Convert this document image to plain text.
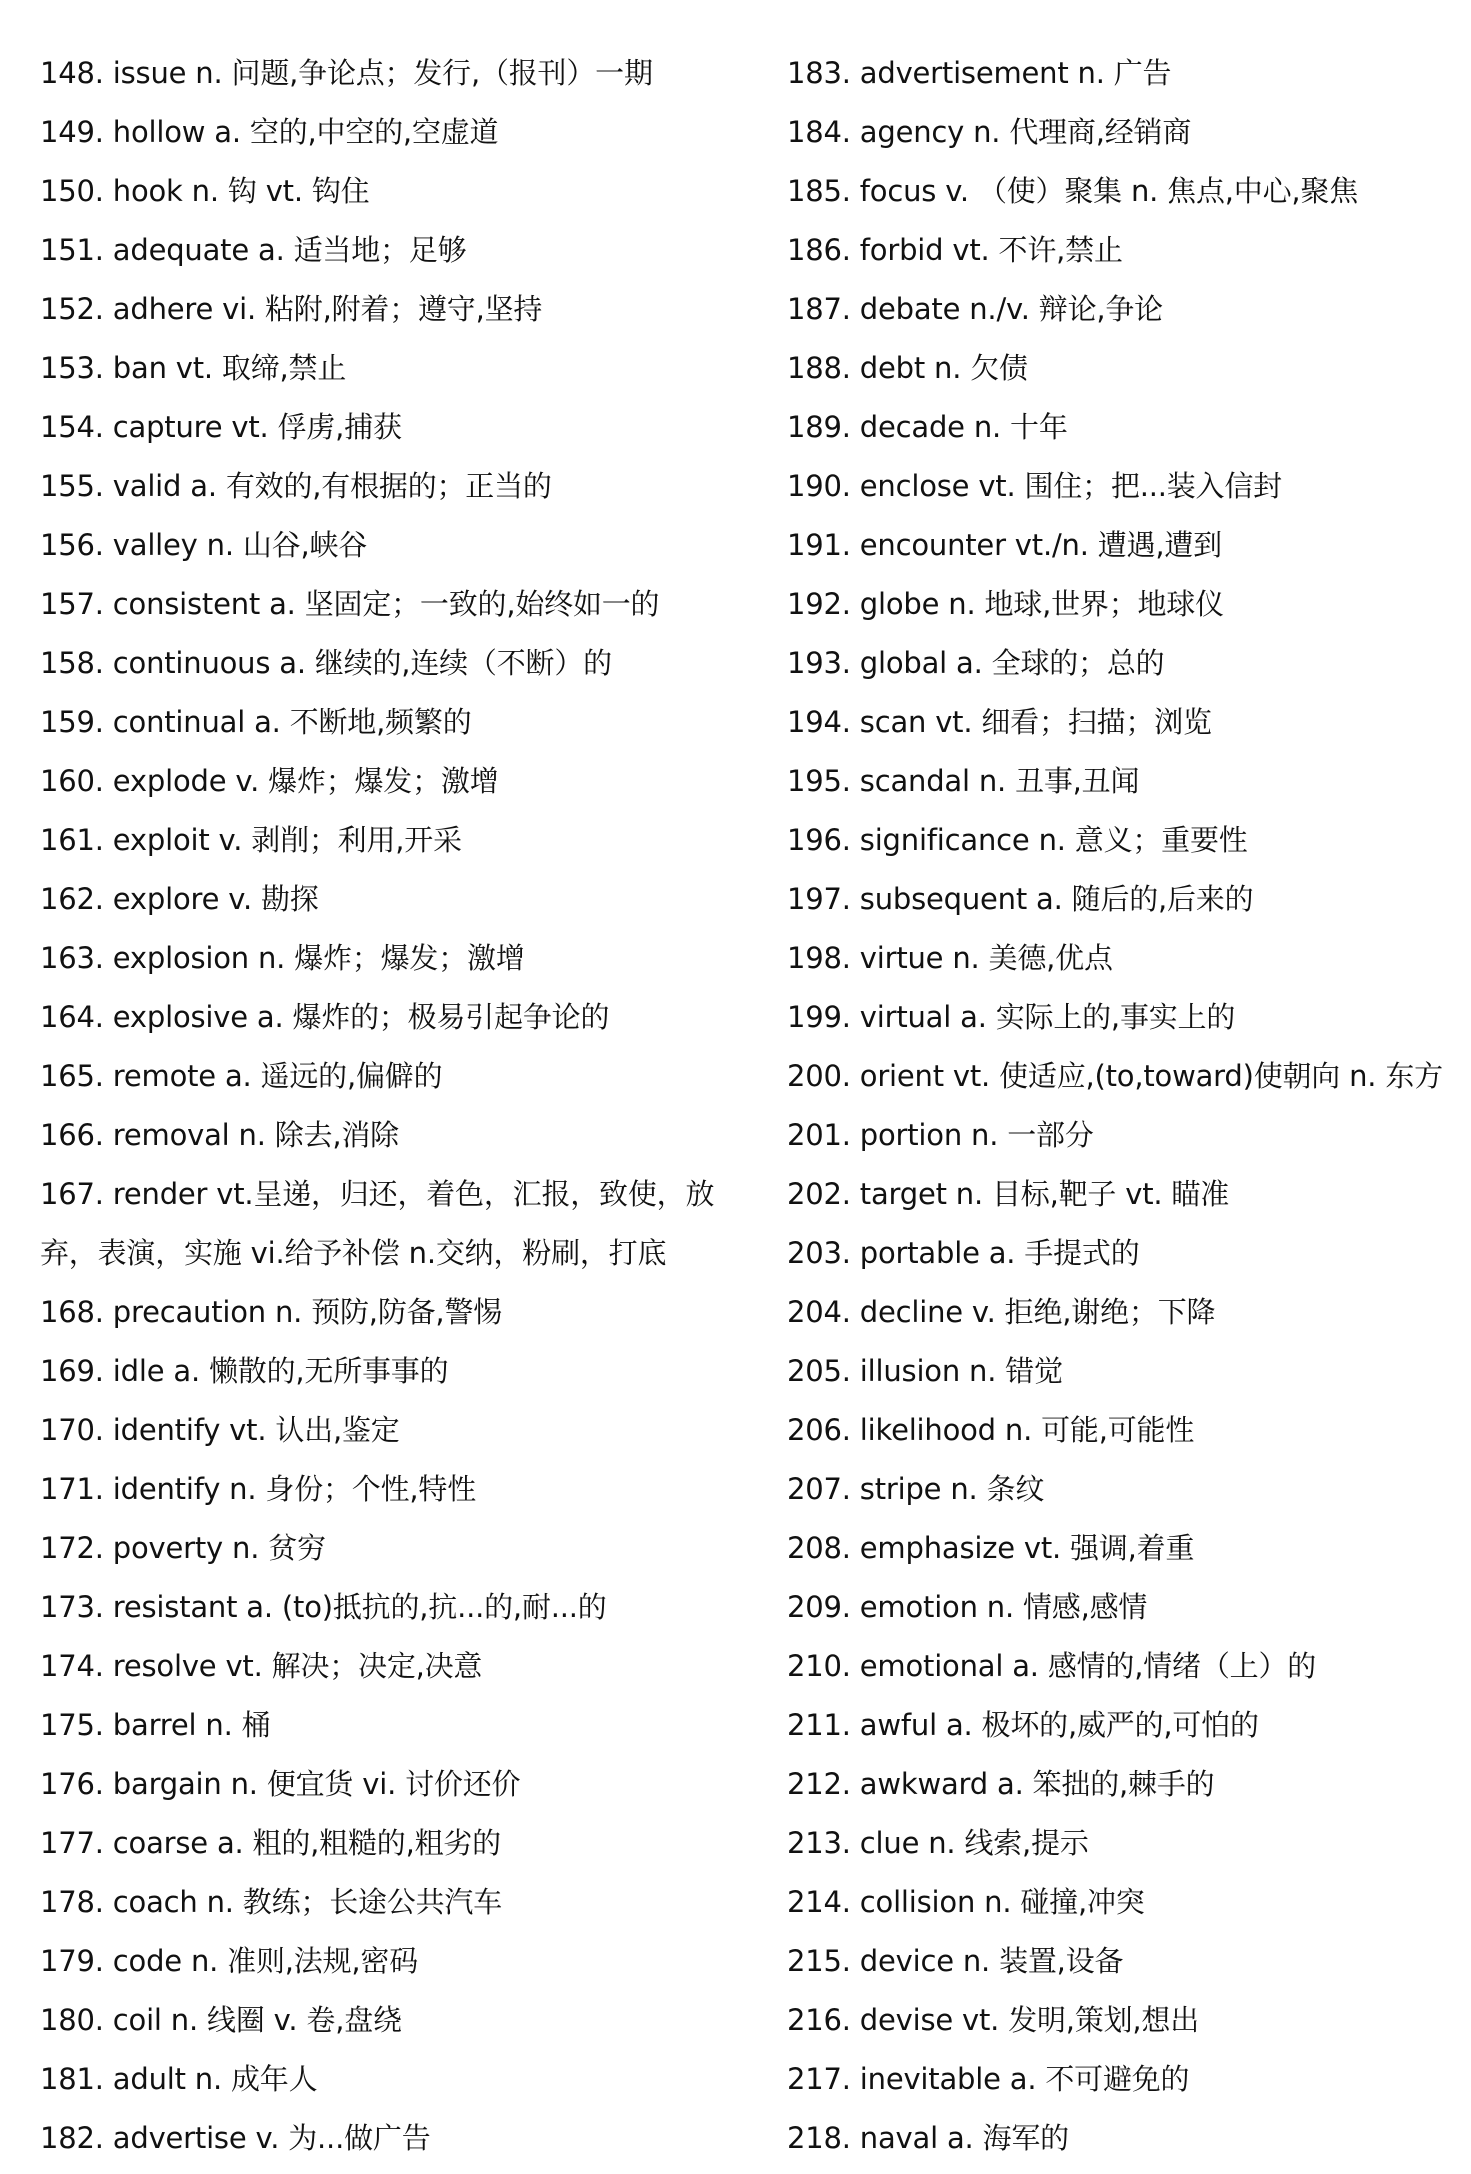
148. issue n. 问题,争论点；发行,（报刊）一期
149. hollow a. 空的,中空的,空虚道
150. hook n. 钩 vt. 钩住
151. adequate a. 适当地；足够
152. adhere vi. 粘附,附着；遵守,坚持
153. ban vt. 取缔,禁止
154. capture vt. 俘虏,捕获
155. valid a. 有效的,有根据的；正当的
156. valley n. 山谷,峡谷
157. consistent a. 坚固定；一致的,始终如一的
158. continuous a. 继续的,连续（不断）的
159. continual a. 不断地,频繁的
160. explode v. 爆炸；爆发；激增
161. exploit v. 剥削；利用,开采
162. explore v. 勘探
163. explosion n. 爆炸；爆发；激增
164. explosive a. 爆炸的；极易引起争论的
165. remote a. 遥远的,偏僻的
166. removal n. 除去,消除
167. render vt.呈递，归还，着色，汇报，致使，放弃，表演，实施 vi.给予补偿 n.交纳，粉刷，打底
168. precaution n. 预防,防备,警惕
169. idle a. 懒散的,无所事事的
170. identify vt. 认出,鉴定
171. identify n. 身份；个性,特性
172. poverty n. 贫穷
173. resistant a. (to)抵抗的,抗...的,耐...的
174. resolve vt. 解决；决定,决意
175. barrel n. 桶
176. bargain n. 便宜货 vi. 讨价还价
177. coarse a. 粗的,粗糙的,粗劣的
178. coach n. 教练；长途公共汽车
179. code n. 准则,法规,密码
180. coil n. 线圈 v. 卷,盘绕
181. adult n. 成年人
182. advertise v. 为...做广告
183. advertisement n. 广告
184. agency n. 代理商,经销商
185. focus v. （使）聚集 n. 焦点,中心,聚焦
186. forbid vt. 不许,禁止
187. debate n./v. 辩论,争论
188. debt n. 欠债
189. decade n. 十年
190. enclose vt. 围住；把...装入信封
191. encounter vt./n. 遭遇,遭到
192. globe n. 地球,世界；地球仪
193. global a. 全球的；总的
194. scan vt. 细看；扫描；浏览
195. scandal n. 丑事,丑闻
196. significance n. 意义；重要性
197. subsequent a. 随后的,后来的
198. virtue n. 美德,优点
199. virtual a. 实际上的,事实上的
200. orient vt. 使适应,(to,toward)使朝向 n. 东方
201. portion n. 一部分
202. target n. 目标,靶子 vt. 瞄准
203. portable a. 手提式的
204. decline v. 拒绝,谢绝；下降
205. illusion n. 错觉
206. likelihood n. 可能,可能性
207. stripe n. 条纹
208. emphasize vt. 强调,着重
209. emotion n. 情感,感情
210. emotional a. 感情的,情绪（上）的
211. awful a. 极坏的,威严的,可怕的
212. awkward a. 笨拙的,棘手的
213. clue n. 线索,提示
214. collision n. 碰撞,冲突
215. device n. 装置,设备
216. devise vt. 发明,策划,想出
217. inevitable a. 不可避免的
218. naval a. 海军的
